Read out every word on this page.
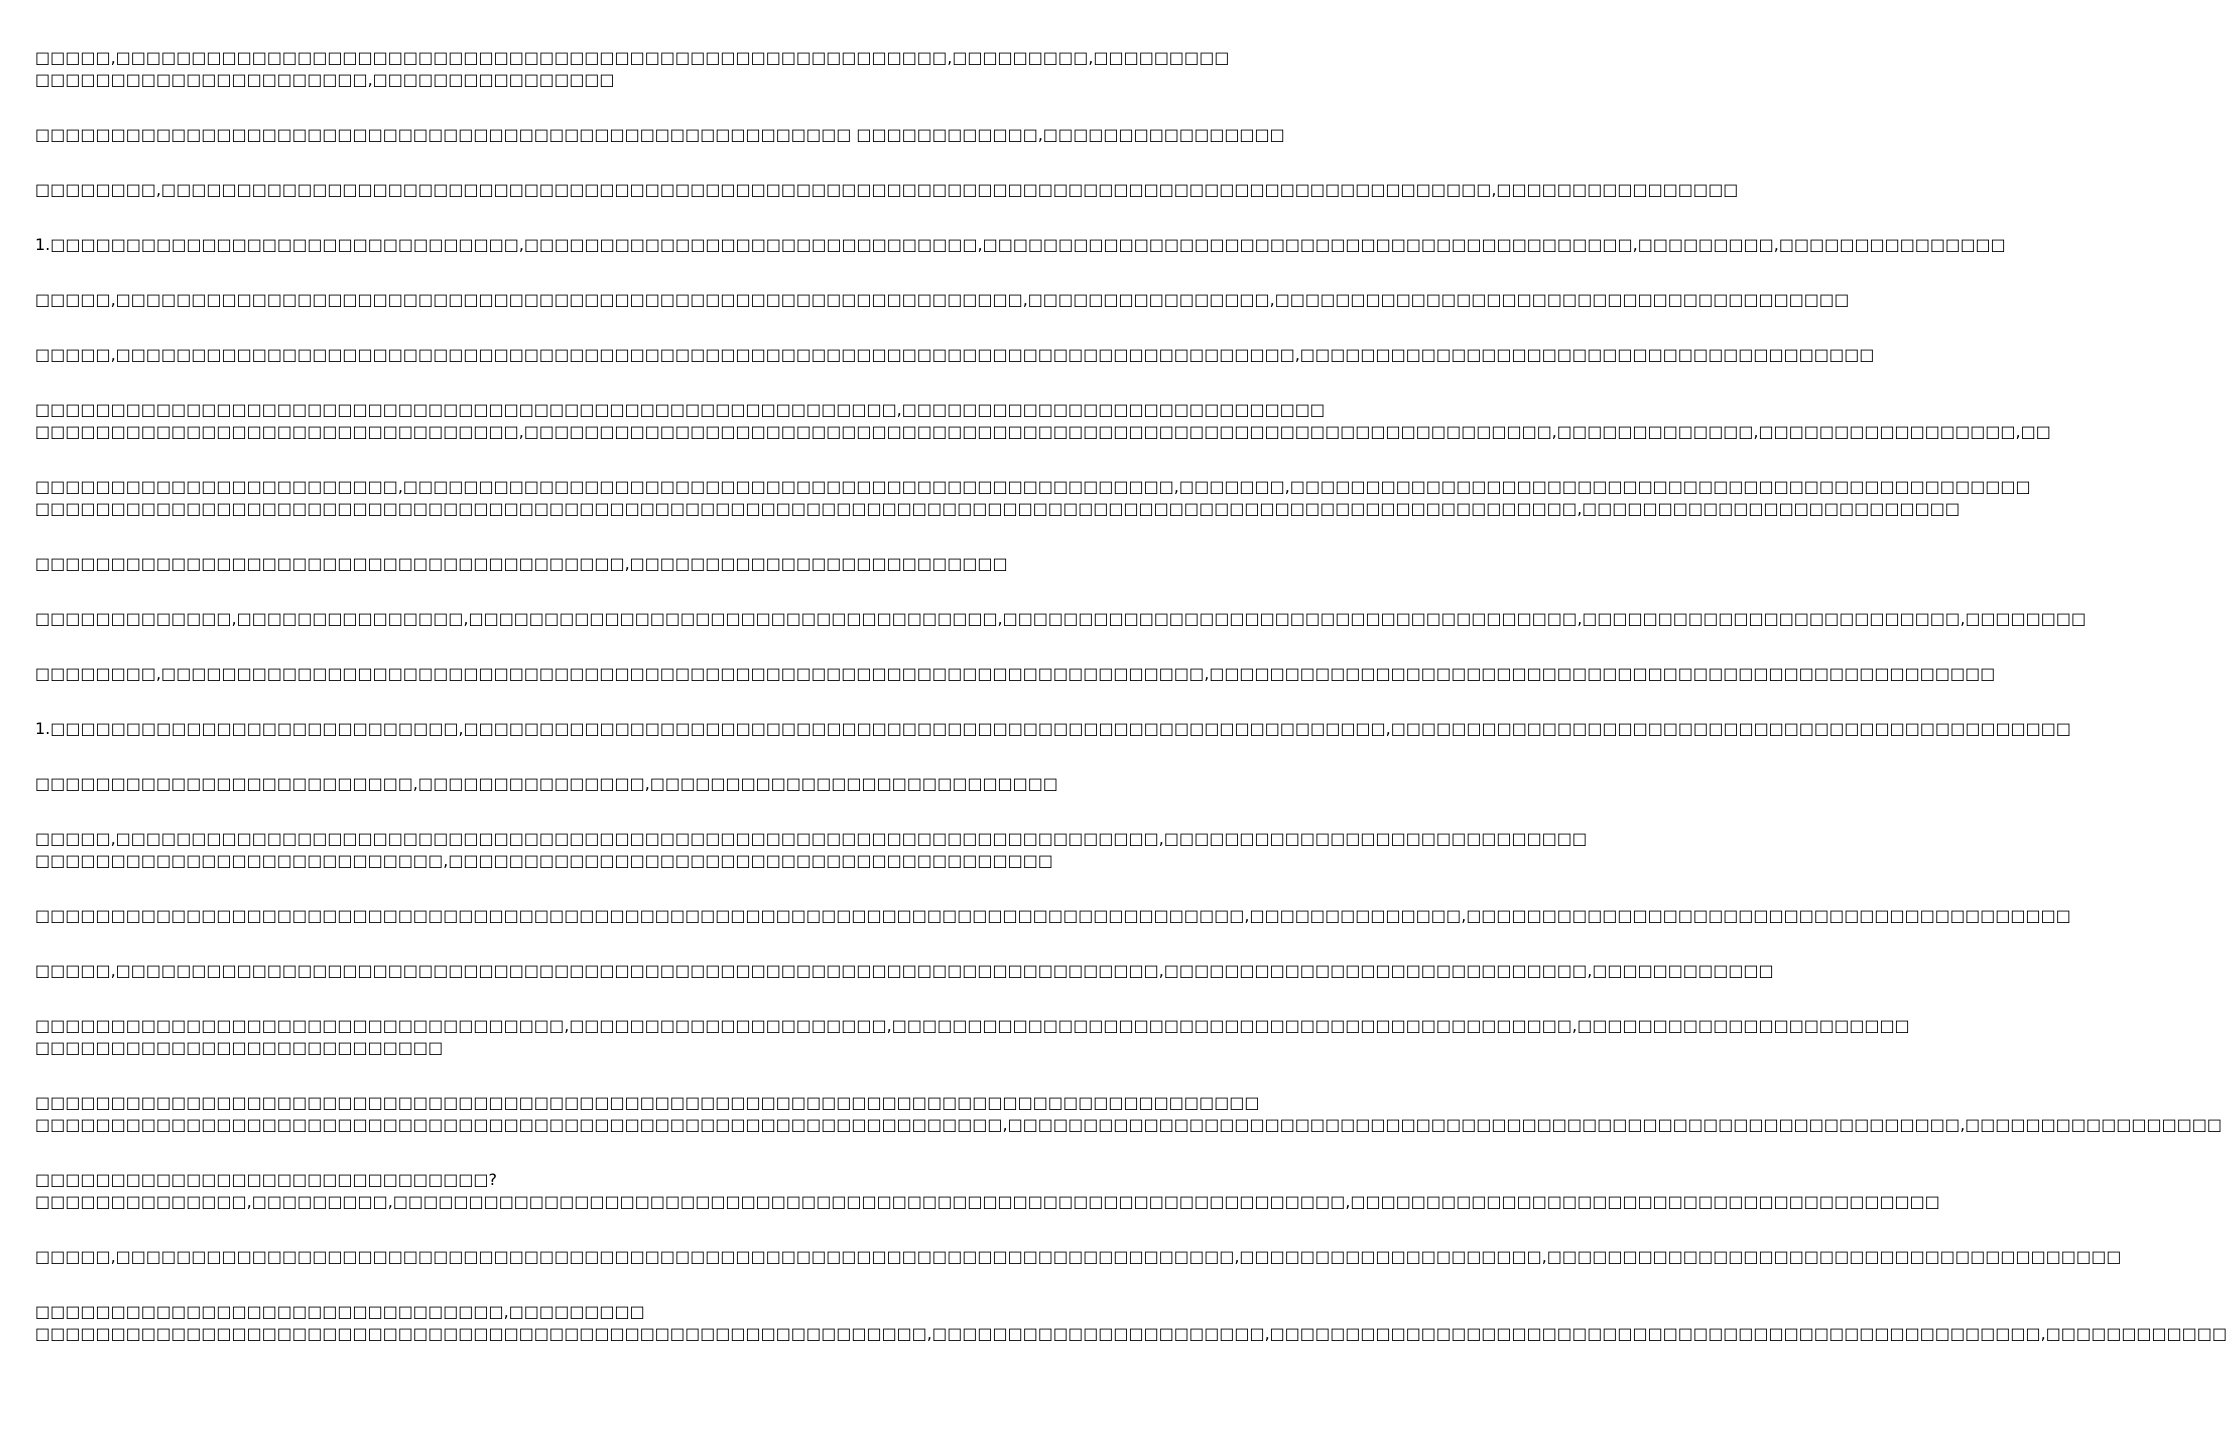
□□□□□,□□□□□□□□□□□□□□□□□□□□□□□□□□□□□□□□□□□□□□□□□□□□□□□□□□□□□□□,□□□□□□□□□,□□□□□□□□□
□□□□□□□□□□□□□□□□□□□□□□,□□□□□□□□□□□□□□□□
□□□□□□□□□□□□□□□□□□□□□□□□□□□□□□□□□□□□□□□□□□□□□□□□□□□□□□ □□□□□□□□□□□□,□□□□□□□□□□□□□□□□
□□□□□□□□,□□□□□□□□□□□□□□□□□□□□□□□□□□□□□□□□□□□□□□□□□□□□□□□□□□□□□□□□□□□□□□□□□□□□□□□□□□□□□□□□□□□□□□□□,□□□□□□□□□□□□□□□□
1.□□□□□□□□□□□□□□□□□□□□□□□□□□□□□□□,□□□□□□□□□□□□□□□□□□□□□□□□□□□□□□,□□□□□□□□□□□□□□□□□□□□□□□□□□□□□□□□□□□□□□□□□□□,□□□□□□□□□,□□□□□□□□□□□□□□□
□□□□□,□□□□□□□□□□□□□□□□□□□□□□□□□□□□□□□□□□□□□□□□□□□□□□□□□□□□□□□□□□□□,□□□□□□□□□□□□□□□□,□□□□□□□□□□□□□□□□□□□□□□□□□□□□□□□□□□□□□□
□□□□□,□□□□□□□□□□□□□□□□□□□□□□□□□□□□□□□□□□□□□□□□□□□□□□□□□□□□□□□□□□□□□□□□□□□□□□□□□□□□□□,□□□□□□□□□□□□□□□□□□□□□□□□□□□□□□□□□□□□□□
□□□□□□□□□□□□□□□□□□□□□□□□□□□□□□□□□□□□□□□□□□□□□□□□□□□□□□□□□,□□□□□□□□□□□□□□□□□□□□□□□□□□□□
□□□□□□□□□□□□□□□□□□□□□□□□□□□□□□□□,□□□□□□□□□□□□□□□□□□□□□□□□□□□□□□□□□□□□□□□□□□□□□□□□□□□□□□□□□□□□□□□□□□□□,□□□□□□□□□□□□□,□□□□□□□□□□□□□□□□□,□□
□□□□□□□□□□□□□□□□□□□□□□□□,□□□□□□□□□□□□□□□□□□□□□□□□□□□□□□□□□□□□□□□□□□□□□□□□□□□,□□□□□□□,□□□□□□□□□□□□□□□□□□□□□□□□□□□□□□□□□□□□□□□□□□□□□□□□□
□□□□□□□□□□□□□□□□□□□□□□□□□□□□□□□□□□□□□□□□□□□□□□□□□□□□□□□□□□□□□□□□□□□□□□□□□□□□□□□□□□□□□□□□□□□□□□□□□□□□□□,□□□□□□□□□□□□□□□□□□□□□□□□□
□□□□□□□□□□□□□□□□□□□□□□□□□□□□□□□□□□□□□□□,□□□□□□□□□□□□□□□□□□□□□□□□□
□□□□□□□□□□□□□,□□□□□□□□□□□□□□□,□□□□□□□□□□□□□□□□□□□□□□□□□□□□□□□□□□□,□□□□□□□□□□□□□□□□□□□□□□□□□□□□□□□□□□□□□□,□□□□□□□□□□□□□□□□□□□□□□□□□,□□□□□□□□
□□□□□□□□,□□□□□□□□□□□□□□□□□□□□□□□□□□□□□□□□□□□□□□□□□□□□□□□□□□□□□□□□□□□□□□□□□□□□□,□□□□□□□□□□□□□□□□□□□□□□□□□□□□□□□□□□□□□□□□□□□□□□□□□□□□
1.□□□□□□□□□□□□□□□□□□□□□□□□□□□,□□□□□□□□□□□□□□□□□□□□□□□□□□□□□□□□□□□□□□□□□□□□□□□□□□□□□□□□□□□□□,□□□□□□□□□□□□□□□□□□□□□□□□□□□□□□□□□□□□□□□□□□□□□
□□□□□□□□□□□□□□□□□□□□□□□□□,□□□□□□□□□□□□□□□,□□□□□□□□□□□□□□□□□□□□□□□□□□□
□□□□□,□□□□□□□□□□□□□□□□□□□□□□□□□□□□□□□□□□□□□□□□□□□□□□□□□□□□□□□□□□□□□□□□□□□□□,□□□□□□□□□□□□□□□□□□□□□□□□□□□□
□□□□□□□□□□□□□□□□□□□□□□□□□□□,□□□□□□□□□□□□□□□□□□□□□□□□□□□□□□□□□□□□□□□□
□□□□□□□□□□□□□□□□□□□□□□□□□□□□□□□□□□□□□□□□□□□□□□□□□□□□□□□□□□□□□□□□□□□□□□□□□□□□□□□□,□□□□□□□□□□□□□□,□□□□□□□□□□□□□□□□□□□□□□□□□□□□□□□□□□□□□□□□
□□□□□,□□□□□□□□□□□□□□□□□□□□□□□□□□□□□□□□□□□□□□□□□□□□□□□□□□□□□□□□□□□□□□□□□□□□□,□□□□□□□□□□□□□□□□□□□□□□□□□□□□,□□□□□□□□□□□□
□□□□□□□□□□□□□□□□□□□□□□□□□□□□□□□□□□□,□□□□□□□□□□□□□□□□□□□□□,□□□□□□□□□□□□□□□□□□□□□□□□□□□□□□□□□□□□□□□□□□□□□,□□□□□□□□□□□□□□□□□□□□□□
□□□□□□□□□□□□□□□□□□□□□□□□□□□
□□□□□□□□□□□□□□□□□□□□□□□□□□□□□□□□□□□□□□□□□□□□□□□□□□□□□□□□□□□□□□□□□□□□□□□□□□□□□□□□□
□□□□□□□□□□□□□□□□□□□□□□□□□□□□□□□□□□□□□□□□□□□□□□□□□□□□□□□□□□□□□□□□,□□□□□□□□□□□□□□□□□□□□□□□□□□□□□□□□□□□□□□□□□□□□□□□□□□□□□□□□□□□□□□□,□□□□□□□□□□□□□□□□□
□□□□□□□□□□□□□□□□□□□□□□□□□□□□□□?
□□□□□□□□□□□□□□,□□□□□□□□□,□□□□□□□□□□□□□□□□□□□□□□□□□□□□□□□□□□□□□□□□□□□□□□□□□□□□□□□□□□□□□□□,□□□□□□□□□□□□□□□□□□□□□□□□□□□□□□□□□□□□□□□
□□□□□,□□□□□□□□□□□□□□□□□□□□□□□□□□□□□□□□□□□□□□□□□□□□□□□□□□□□□□□□□□□□□□□□□□□□□□□□□□,□□□□□□□□□□□□□□□□□□□□,□□□□□□□□□□□□□□□□□□□□□□□□□□□□□□□□□□□□□□
□□□□□□□□□□□□□□□□□□□□□□□□□□□□□□□,□□□□□□□□□
□□□□□□□□□□□□□□□□□□□□□□□□□□□□□□□□□□□□□□□□□□□□□□□□□□□□□□□□□□□,□□□□□□□□□□□□□□□□□□□□□□,□□□□□□□□□□□□□□□□□□□□□□□□□□□□□□□□□□□□□□□□□□□□□□□□□□□,□□□□□□□□□□□□
